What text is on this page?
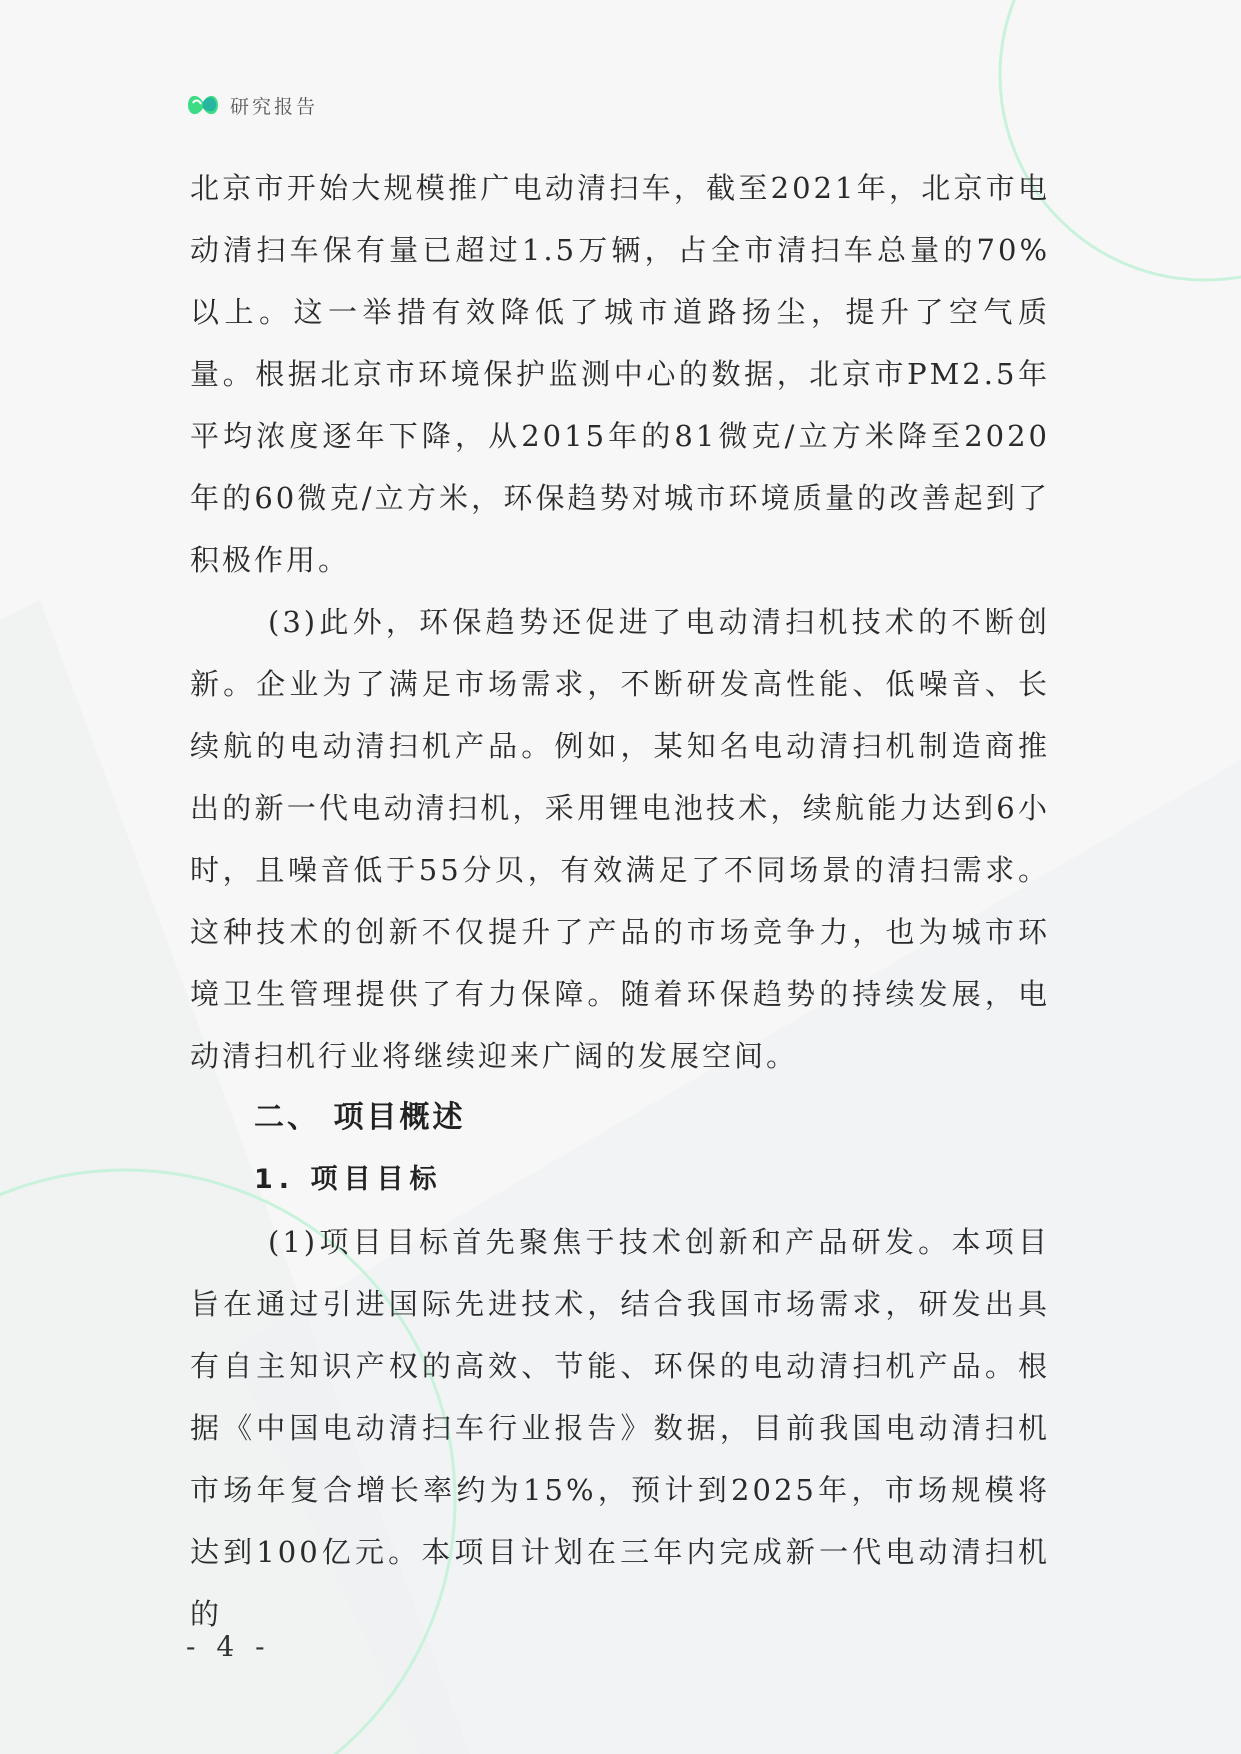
研究报告

北京市开始大规模推广电动清扫车，截至2021年，北京市电动清扫车保有量已超过1.5万辆，占全市清扫车总量的70%以上。这一举措有效降低了城市道路扬尘，提升了空气质量。根据北京市环境保护监测中心的数据，北京市PM2.5年平均浓度逐年下降，从2015年的81微克/立方米降至2020年的60微克/立方米，环保趋势对城市环境质量的改善起到了积极作用。

(3)此外，环保趋势还促进了电动清扫机技术的不断创新。企业为了满足市场需求，不断研发高性能、低噪音、长续航的电动清扫机产品。例如，某知名电动清扫机制造商推出的新一代电动清扫机，采用锂电池技术，续航能力达到6小时，且噪音低于55分贝，有效满足了不同场景的清扫需求。这种技术的创新不仅提升了产品的市场竞争力，也为城市环境卫生管理提供了有力保障。随着环保趋势的持续发展，电动清扫机行业将继续迎来广阔的发展空间。

二、 项目概述
1. 项目目标

(1)项目目标首先聚焦于技术创新和产品研发。本项目旨在通过引进国际先进技术，结合我国市场需求，研发出具有自主知识产权的高效、节能、环保的电动清扫机产品。根据《中国电动清扫车行业报告》数据，目前我国电动清扫机市场年复合增长率约为15%，预计到2025年，市场规模将达到100亿元。本项目计划在三年内完成新一代电动清扫机的

- 4 -
